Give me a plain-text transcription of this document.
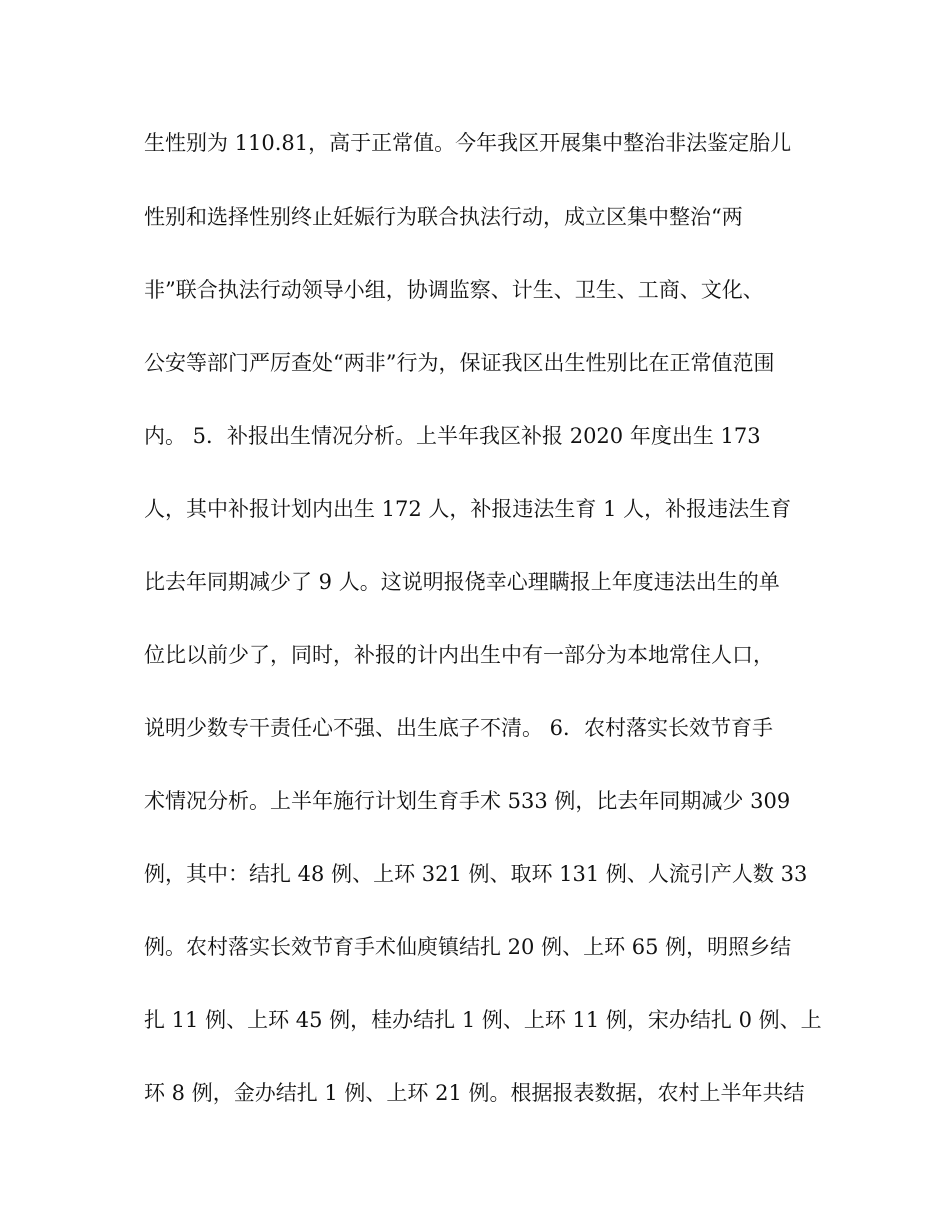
生性别为 110.81，高于正常值。今年我区开展集中整治非法鉴定胎儿
性别和选择性别终止妊娠行为联合执法行动，成立区集中整治“两
非”联合执法行动领导小组，协调监察、计生、卫生、工商、文化、
公安等部门严厉查处“两非”行为，保证我区出生性别比在正常值范围
内。 5．补报出生情况分析。上半年我区补报 2020 年度出生 173
人，其中补报计划内出生 172 人，补报违法生育 1 人，补报违法生育
比去年同期减少了 9 人。这说明报侥幸心理瞒报上年度违法出生的单
位比以前少了，同时，补报的计内出生中有一部分为本地常住人口，
说明少数专干责任心不强、出生底子不清。 6．农村落实长效节育手
术情况分析。上半年施行计划生育手术 533 例，比去年同期减少 309
例，其中：结扎 48 例、上环 321 例、取环 131 例、人流引产人数 33
例。农村落实长效节育手术仙庾镇结扎 20 例、上环 65 例，明照乡结
扎 11 例、上环 45 例，桂办结扎 1 例、上环 11 例，宋办结扎 0 例、上
环 8 例，金办结扎 1 例、上环 21 例。根据报表数据，农村上半年共结
